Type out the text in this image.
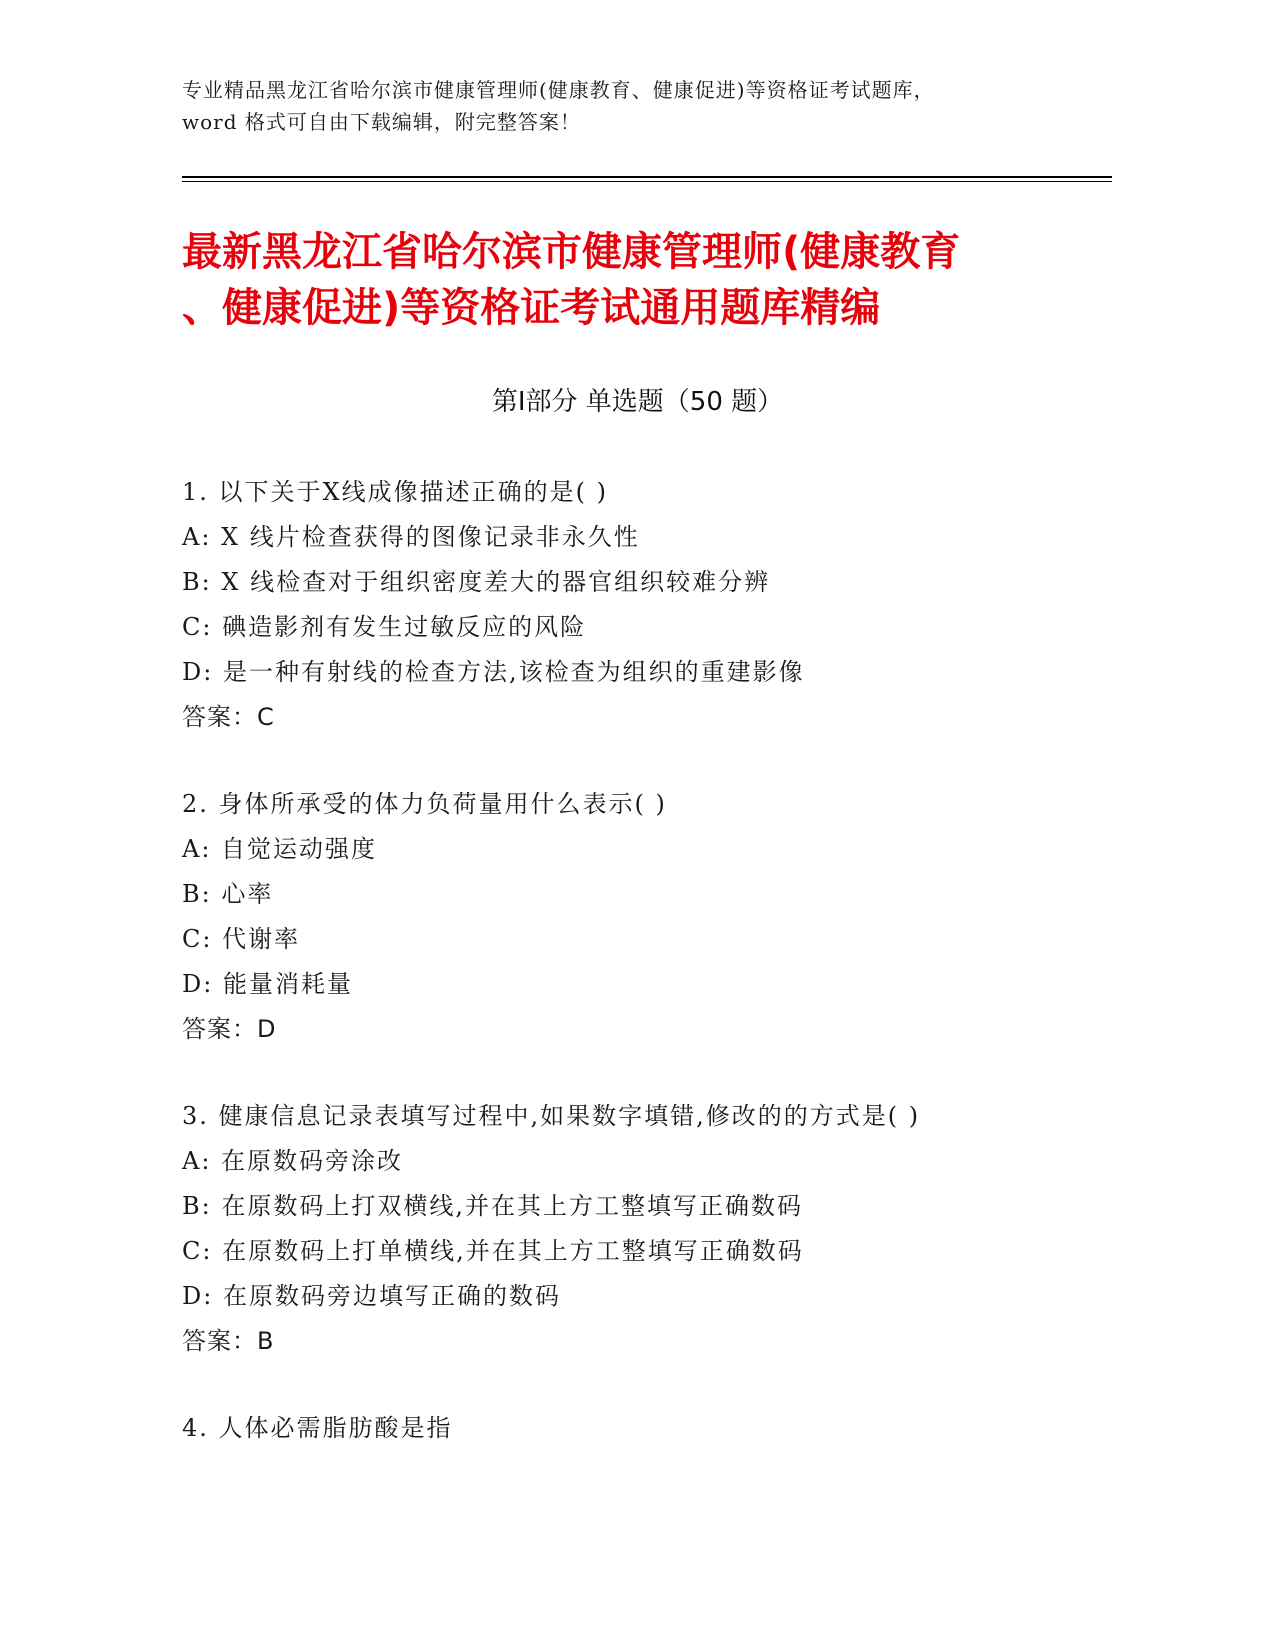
专业精品黑龙江省哈尔滨市健康管理师(健康教育、健康促进)等资格证考试题库，
word 格式可自由下载编辑，附完整答案！
最新黑龙江省哈尔滨市健康管理师(健康教育
、健康促进)等资格证考试通用题库精编
第Ⅰ部分 单选题（50 题）
1. 以下关于X线成像描述正确的是( )
A: X 线片检查获得的图像记录非永久性
B: X 线检查对于组织密度差大的器官组织较难分辨
C: 碘造影剂有发生过敏反应的风险
D: 是一种有射线的检查方法,该检查为组织的重建影像
答案：C
2. 身体所承受的体力负荷量用什么表示( )
A: 自觉运动强度
B: 心率
C: 代谢率
D: 能量消耗量
答案：D
3. 健康信息记录表填写过程中,如果数字填错,修改的的方式是( )
A: 在原数码旁涂改
B: 在原数码上打双横线,并在其上方工整填写正确数码
C: 在原数码上打单横线,并在其上方工整填写正确数码
D: 在原数码旁边填写正确的数码
答案：B
4. 人体必需脂肪酸是指
